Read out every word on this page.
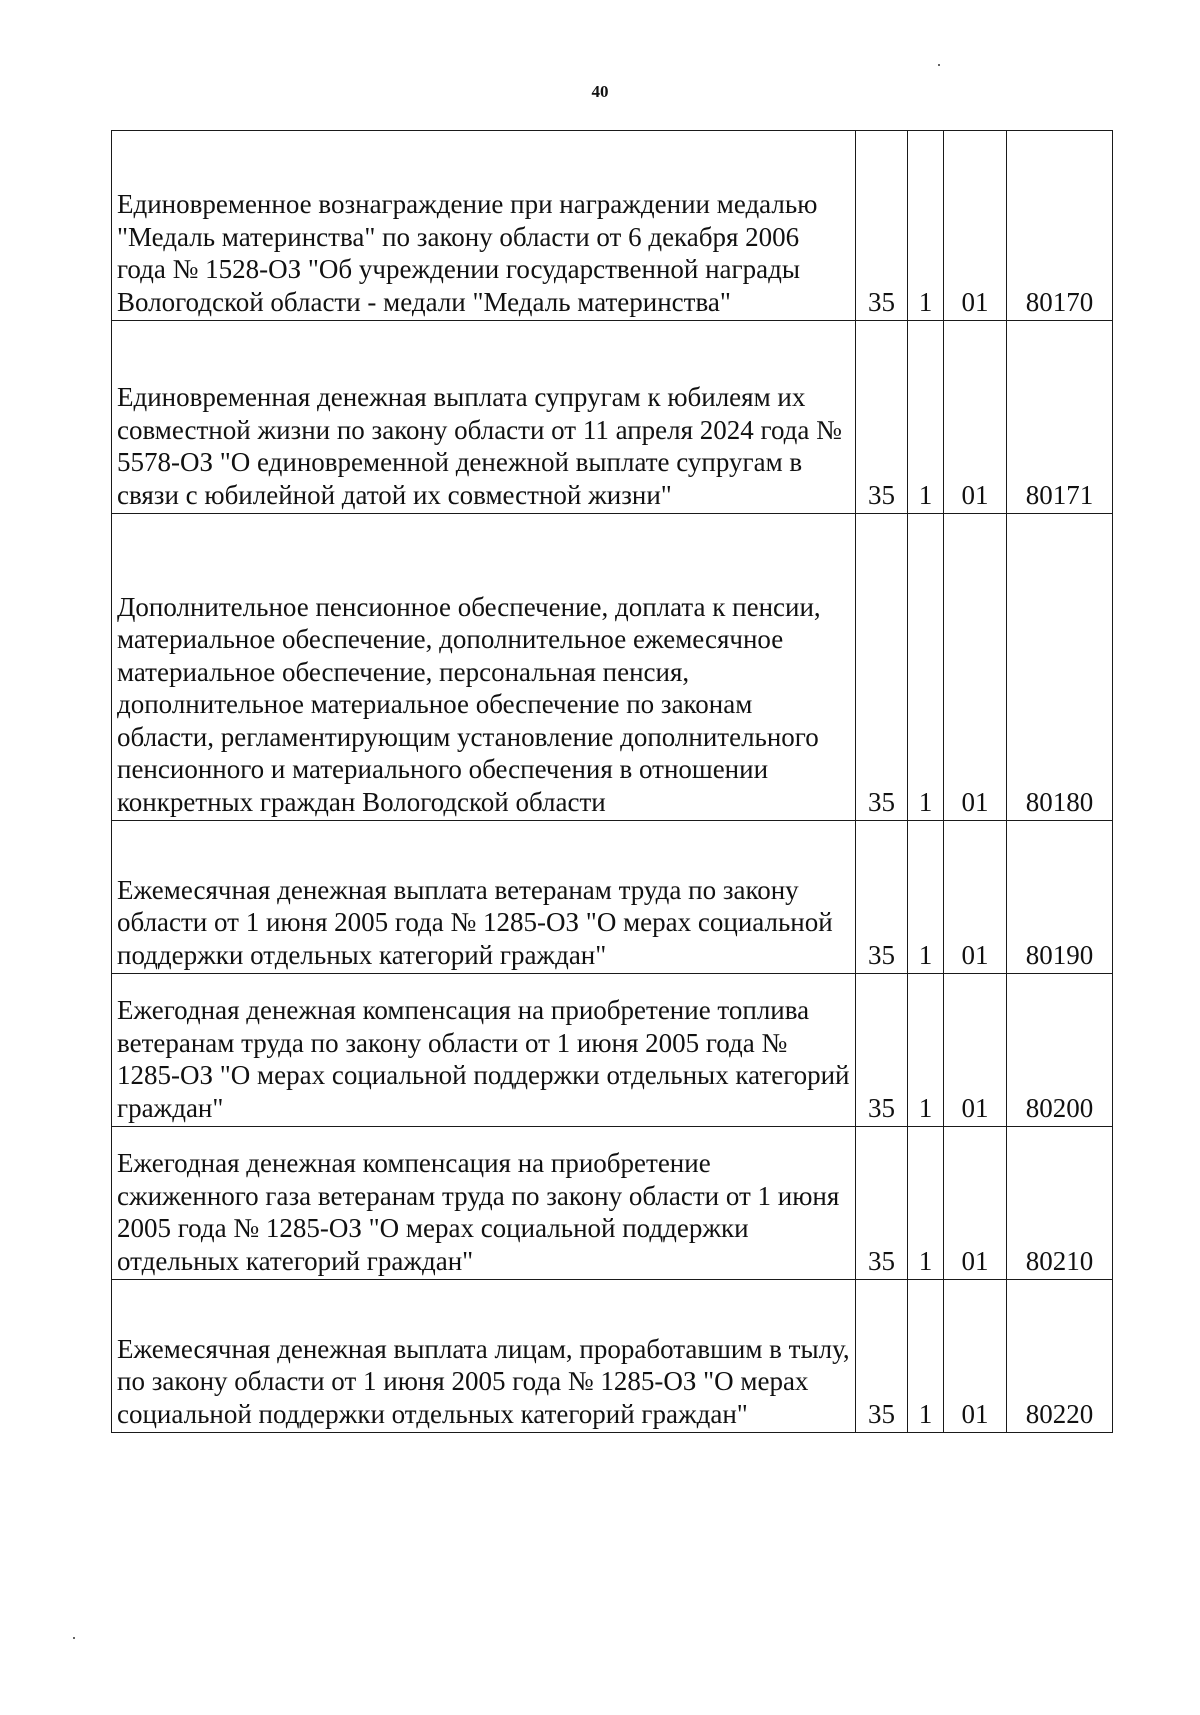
40
Единовременное вознаграждение при награждении медалью "Медаль материнства" по закону области от 6 декабря 2006 года № 1528-ОЗ "Об учреждении государственной награды Вологодской области - медали "Медаль материнства"	35	1	01	80170
Единовременная денежная выплата супругам к юбилеям их совместной жизни по закону области от 11 апреля 2024 года № 5578-ОЗ "О единовременной денежной выплате супругам в связи с юбилейной датой их совместной жизни"	35	1	01	80171
Дополнительное пенсионное обеспечение, доплата к пенсии, материальное обеспечение, дополнительное ежемесячное материальное обеспечение, персональная пенсия, дополнительное материальное обеспечение по законам области, регламентирующим установление дополнительного пенсионного и материального обеспечения в отношении конкретных граждан Вологодской области	35	1	01	80180
Ежемесячная денежная выплата ветеранам труда по закону области от 1 июня 2005 года № 1285-ОЗ "О мерах социальной поддержки отдельных категорий граждан"	35	1	01	80190
Ежегодная денежная компенсация на приобретение топлива ветеранам труда по закону области от 1 июня 2005 года № 1285-ОЗ "О мерах социальной поддержки отдельных категорий граждан"	35	1	01	80200
Ежегодная денежная компенсация на приобретение сжиженного газа ветеранам труда по закону области от 1 июня 2005 года № 1285-ОЗ "О мерах социальной поддержки отдельных категорий граждан"	35	1	01	80210
Ежемесячная денежная выплата лицам, проработавшим в тылу, по закону области от 1 июня 2005 года № 1285-ОЗ "О мерах социальной поддержки отдельных категорий граждан"	35	1	01	80220
